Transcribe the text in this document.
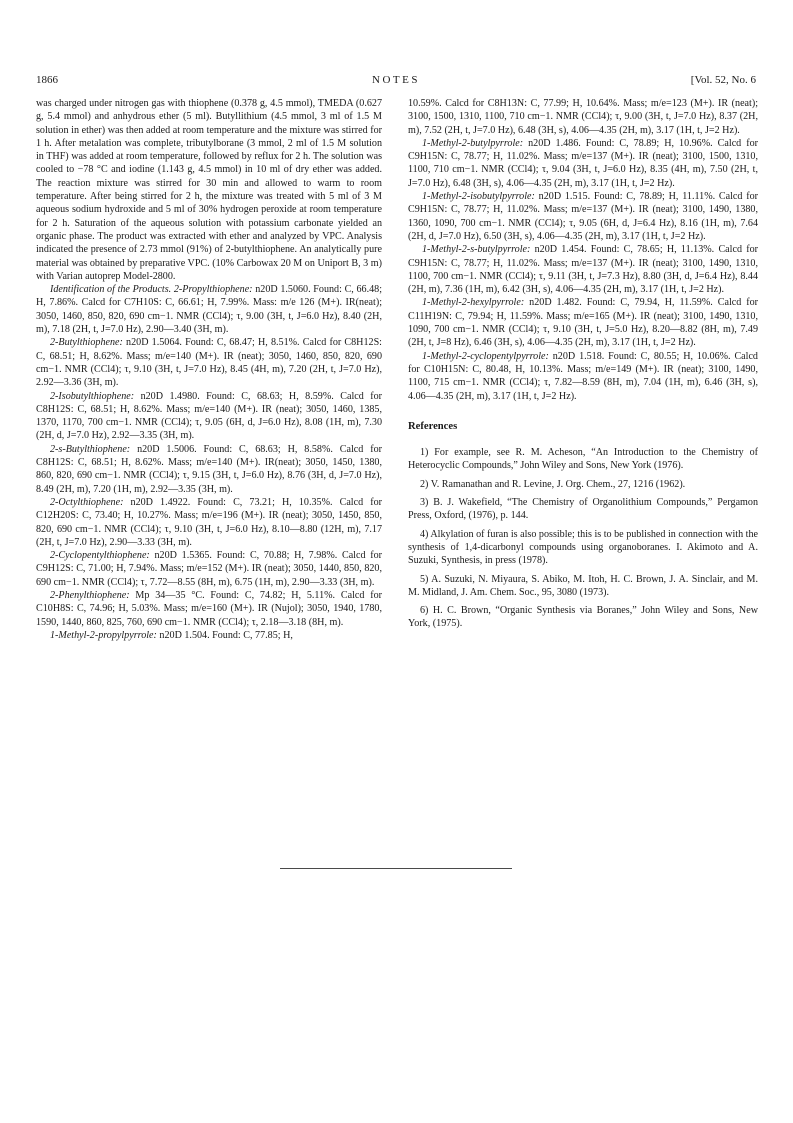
1866	NOTES	[Vol. 52, No. 6

was charged under nitrogen gas with thiophene (0.378 g, 4.5 mmol), TMEDA (0.627 g, 5.4 mmol) and anhydrous ether (5 ml). Butyllithium (4.5 mmol, 3 ml of 1.5 M solution in ether) was then added at room temperature and the mixture was stirred for 1 h. After metalation was complete, tributylborane (3 mmol, 2 ml of 1.5 M solution in THF) was added at room temperature, followed by reflux for 2 h. The solution was cooled to −78 °C and iodine (1.143 g, 4.5 mmol) in 10 ml of dry ether was added. The reaction mixture was stirred for 30 min and allowed to warm to room temperature. After being stirred for 2 h, the mixture was treated with 5 ml of 3 M aqueous sodium hydroxide and 5 ml of 30% hydrogen peroxide at room temperature for 2 h. Saturation of the aqueous solution with potassium carbonate yielded an organic phase. The product was extracted with ether and analyzed by VPC. Analysis indicated the presence of 2.73 mmol (91%) of 2-butylthiophene. An analytically pure material was obtained by preparative VPC. (10% Carbowax 20 M on Uniport B, 3 m) with Varian autoprep Model-2800.

Identification of the Products. 2-Propylthiophene: n20D 1.5060. Found: C, 66.48; H, 7.86%. Calcd for C7H10S: C, 66.61; H, 7.99%. Mass: m/e 126 (M+). IR(neat); 3050, 1460, 850, 820, 690 cm−1. NMR (CCl4); τ, 9.00 (3H, t, J=6.0 Hz), 8.40 (2H, m), 7.18 (2H, t, J=7.0 Hz), 2.90—3.40 (3H, m).

2-Butylthiophene: n20D 1.5064. Found: C, 68.47; H, 8.51%. Calcd for C8H12S: C, 68.51; H, 8.62%. Mass; m/e=140 (M+). IR (neat); 3050, 1460, 850, 820, 690 cm−1. NMR (CCl4); τ, 9.10 (3H, t, J=7.0 Hz), 8.45 (4H, m), 7.20 (2H, t, J=7.0 Hz), 2.92—3.36 (3H, m).

2-Isobutylthiophene: n20D 1.4980. Found: C, 68.63; H, 8.59%. Calcd for C8H12S: C, 68.51; H, 8.62%. Mass; m/e=140 (M+). IR (neat); 3050, 1460, 1385, 1370, 1170, 700 cm−1. NMR (CCl4); τ, 9.05 (6H, d, J=6.0 Hz), 8.08 (1H, m), 7.30 (2H, d, J=7.0 Hz), 2.92—3.35 (3H, m).

2-s-Butylthiophene: n20D 1.5006. Found: C, 68.63; H, 8.58%. Calcd for C8H12S: C, 68.51; H, 8.62%. Mass; m/e=140 (M+). IR(neat); 3050, 1450, 1380, 860, 820, 690 cm−1. NMR (CCl4); τ, 9.15 (3H, t, J=6.0 Hz), 8.76 (3H, d, J=7.0 Hz), 8.49 (2H, m), 7.20 (1H, m), 2.92—3.35 (3H, m).

2-Octylthiophene: n20D 1.4922. Found: C, 73.21; H, 10.35%. Calcd for C12H20S: C, 73.40; H, 10.27%. Mass; m/e=196 (M+). IR (neat); 3050, 1450, 850, 820, 690 cm−1. NMR (CCl4); τ, 9.10 (3H, t, J=6.0 Hz), 8.10—8.80 (12H, m), 7.17 (2H, t, J=7.0 Hz), 2.90—3.33 (3H, m).

2-Cyclopentylthiophene: n20D 1.5365. Found: C, 70.88; H, 7.98%. Calcd for C9H12S: C, 71.00; H, 7.94%. Mass; m/e=152 (M+). IR (neat); 3050, 1440, 850, 820, 690 cm−1. NMR (CCl4); τ, 7.72—8.55 (8H, m), 6.75 (1H, m), 2.90—3.33 (3H, m).

2-Phenylthiophene: Mp 34—35 °C. Found: C, 74.82; H, 5.11%. Calcd for C10H8S: C, 74.96; H, 5.03%. Mass; m/e=160 (M+). IR (Nujol); 3050, 1940, 1780, 1590, 1440, 860, 825, 760, 690 cm−1. NMR (CCl4); τ, 2.18—3.18 (8H, m).

1-Methyl-2-propylpyrrole: n20D 1.504. Found: C, 77.85; H,

10.59%. Calcd for C8H13N: C, 77.99; H, 10.64%. Mass; m/e=123 (M+). IR (neat); 3100, 1500, 1310, 1100, 710 cm−1. NMR (CCl4); τ, 9.00 (3H, t, J=7.0 Hz), 8.37 (2H, m), 7.52 (2H, t, J=7.0 Hz), 6.48 (3H, s), 4.06—4.35 (2H, m), 3.17 (1H, t, J=2 Hz).

1-Methyl-2-butylpyrrole: n20D 1.486. Found: C, 78.89; H, 10.96%. Calcd for C9H15N: C, 78.77; H, 11.02%. Mass; m/e=137 (M+). IR (neat); 3100, 1500, 1310, 1100, 710 cm−1. NMR (CCl4); τ, 9.04 (3H, t, J=6.0 Hz), 8.35 (4H, m), 7.50 (2H, t, J=7.0 Hz), 6.48 (3H, s), 4.06—4.35 (2H, m), 3.17 (1H, t, J=2 Hz).

1-Methyl-2-isobutylpyrrole: n20D 1.515. Found: C, 78.89; H, 11.11%. Calcd for C9H15N: C, 78.77; H, 11.02%. Mass; m/e=137 (M+). IR (neat); 3100, 1490, 1380, 1360, 1090, 700 cm−1. NMR (CCl4); τ, 9.05 (6H, d, J=6.4 Hz), 8.16 (1H, m), 7.64 (2H, d, J=7.0 Hz), 6.50 (3H, s), 4.06—4.35 (2H, m), 3.17 (1H, t, J=2 Hz).

1-Methyl-2-s-butylpyrrole: n20D 1.454. Found: C, 78.65; H, 11.13%. Calcd for C9H15N: C, 78.77; H, 11.02%. Mass; m/e=137 (M+). IR (neat); 3100, 1490, 1310, 1100, 700 cm−1. NMR (CCl4); τ, 9.11 (3H, t, J=7.3 Hz), 8.80 (3H, d, J=6.4 Hz), 8.44 (2H, m), 7.36 (1H, m), 6.42 (3H, s), 4.06—4.35 (2H, m), 3.17 (1H, t, J=2 Hz).

1-Methyl-2-hexylpyrrole: n20D 1.482. Found: C, 79.94, H, 11.59%. Calcd for C11H19N: C, 79.94; H, 11.59%. Mass; m/e=165 (M+). IR (neat); 3100, 1490, 1310, 1090, 700 cm−1. NMR (CCl4); τ, 9.10 (3H, t, J=5.0 Hz), 8.20—8.82 (8H, m), 7.49 (2H, t, J=8 Hz), 6.46 (3H, s), 4.06—4.35 (2H, m), 3.17 (1H, t, J=2 Hz).

1-Methyl-2-cyclopentylpyrrole: n20D 1.518. Found: C, 80.55; H, 10.06%. Calcd for C10H15N: C, 80.48, H, 10.13%. Mass; m/e=149 (M+). IR (neat); 3100, 1490, 1100, 715 cm−1. NMR (CCl4); τ, 7.82—8.59 (8H, m), 7.04 (1H, m), 6.46 (3H, s), 4.06—4.35 (2H, m), 3.17 (1H, t, J=2 Hz).

References

1) For example, see R. M. Acheson, “An Introduction to the Chemistry of Heterocyclic Compounds,” John Wiley and Sons, New York (1976).

2) V. Ramanathan and R. Levine, J. Org. Chem., 27, 1216 (1962).

3) B. J. Wakefield, “The Chemistry of Organolithium Compounds,” Pergamon Press, Oxford, (1976), p. 144.

4) Alkylation of furan is also possible; this is to be published in connection with the synthesis of 1,4-dicarbonyl compounds using organoboranes. I. Akimoto and A. Suzuki, Synthesis, in press (1978).

5) A. Suzuki, N. Miyaura, S. Abiko, M. Itoh, H. C. Brown, J. A. Sinclair, and M. M. Midland, J. Am. Chem. Soc., 95, 3080 (1973).

6) H. C. Brown, “Organic Synthesis via Boranes,” John Wiley and Sons, New York, (1975).
